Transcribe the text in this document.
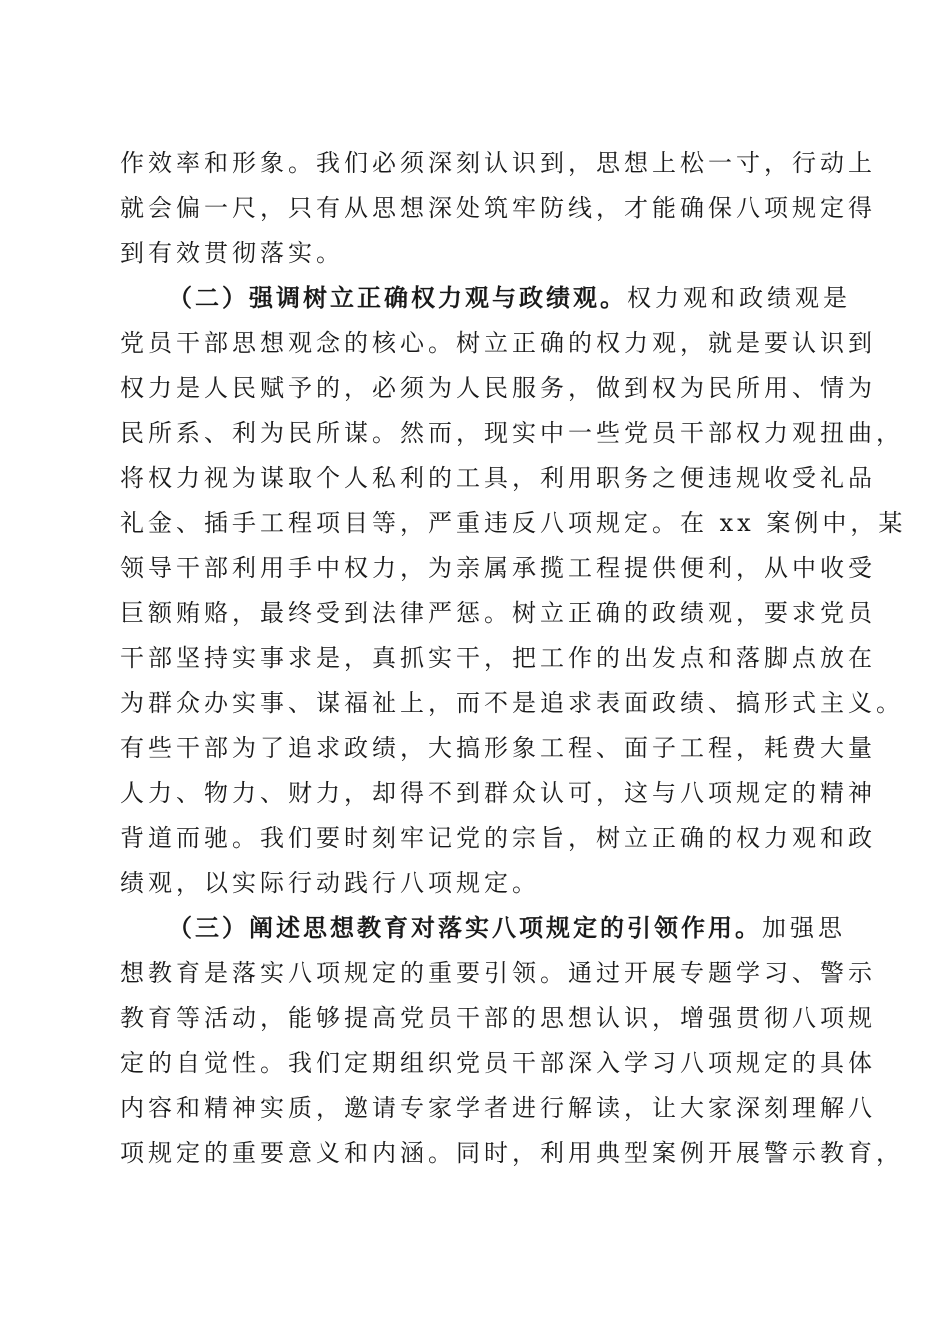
作效率和形象。我们必须深刻认识到，思想上松一寸，行动上
就会偏一尺，只有从思想深处筑牢防线，才能确保八项规定得
到有效贯彻落实。
（二）强调树立正确权力观与政绩观。权力观和政绩观是
党员干部思想观念的核心。树立正确的权力观，就是要认识到
权力是人民赋予的，必须为人民服务，做到权为民所用、情为
民所系、利为民所谋。然而，现实中一些党员干部权力观扭曲，
将权力视为谋取个人私利的工具，利用职务之便违规收受礼品
礼金、插手工程项目等，严重违反八项规定。在 xx 案例中，某
领导干部利用手中权力，为亲属承揽工程提供便利，从中收受
巨额贿赂，最终受到法律严惩。树立正确的政绩观，要求党员
干部坚持实事求是，真抓实干，把工作的出发点和落脚点放在
为群众办实事、谋福祉上，而不是追求表面政绩、搞形式主义。
有些干部为了追求政绩，大搞形象工程、面子工程，耗费大量
人力、物力、财力，却得不到群众认可，这与八项规定的精神
背道而驰。我们要时刻牢记党的宗旨，树立正确的权力观和政
绩观，以实际行动践行八项规定。
（三）阐述思想教育对落实八项规定的引领作用。加强思
想教育是落实八项规定的重要引领。通过开展专题学习、警示
教育等活动，能够提高党员干部的思想认识，增强贯彻八项规
定的自觉性。我们定期组织党员干部深入学习八项规定的具体
内容和精神实质，邀请专家学者进行解读，让大家深刻理解八
项规定的重要意义和内涵。同时，利用典型案例开展警示教育，
